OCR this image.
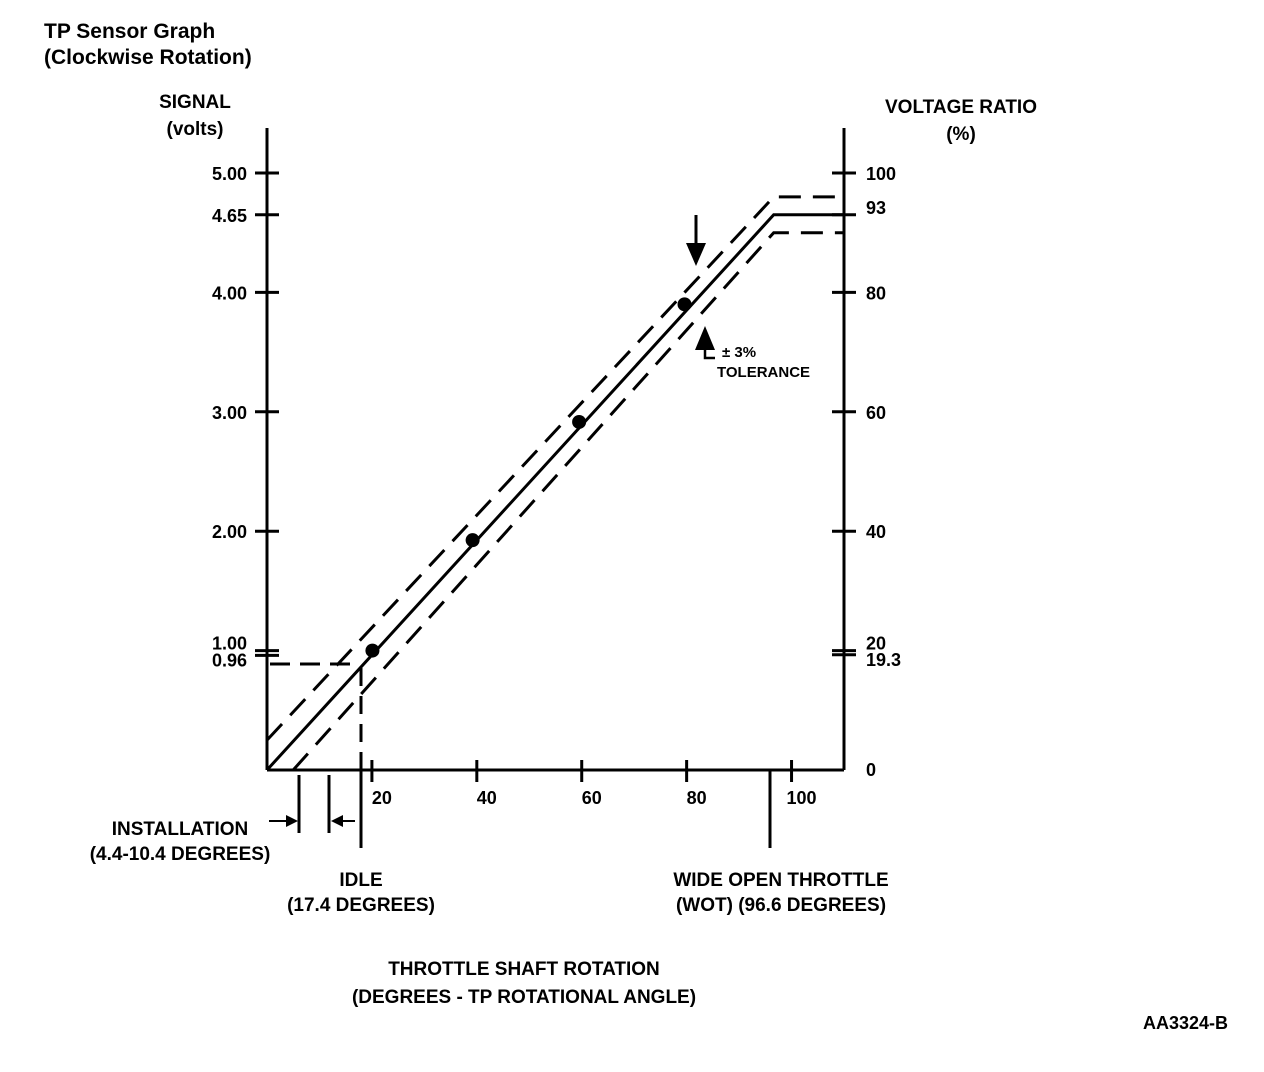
TP Sensor Graph
(Clockwise Rotation)
SIGNAL
(volts)
VOLTAGE RATIO
(%)
5.00
4.65
4.00
3.00
2.00
1.00
0.96
100
93
80
60
40
20
19.3
0
20	40	60	80	100
± 3%
TOLERANCE
INSTALLATION
(4.4-10.4 DEGREES)
IDLE
(17.4 DEGREES)
WIDE OPEN THROTTLE
(WOT) (96.6 DEGREES)
THROTTLE SHAFT ROTATION
(DEGREES - TP ROTATIONAL ANGLE)
AA3324-B
